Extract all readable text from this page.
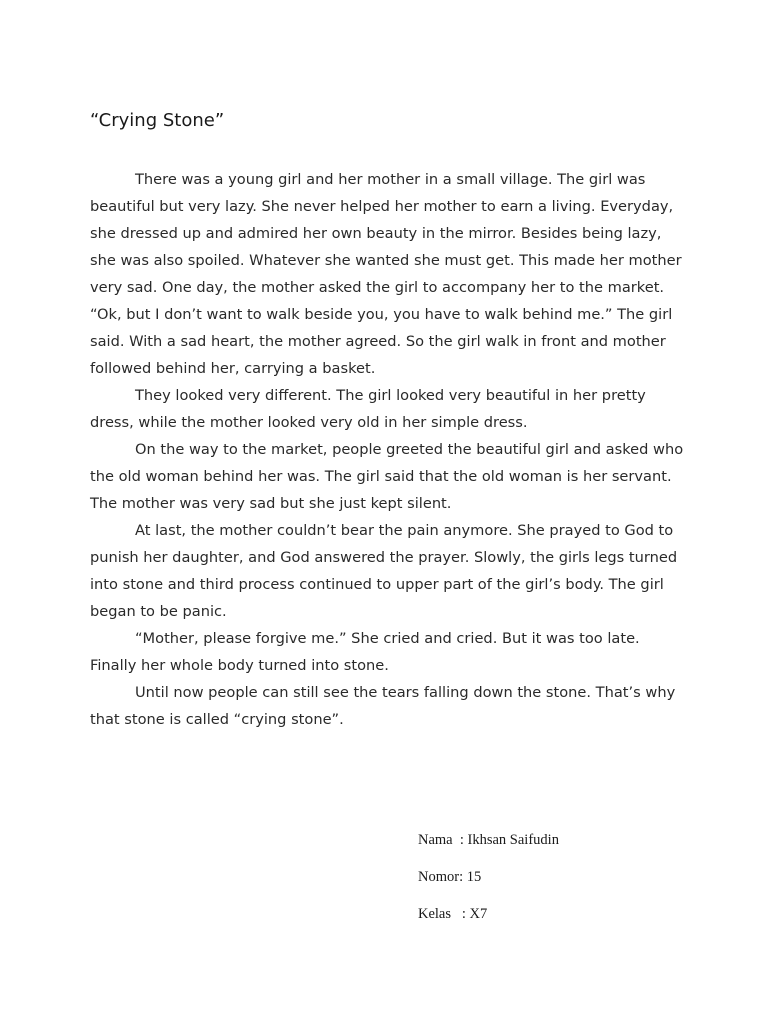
“Crying Stone”

There was a young girl and her mother in a small village. The girl was beautiful but very lazy. She never helped her mother to earn a living. Everyday, she dressed up and admired her own beauty in the mirror. Besides being lazy, she was also spoiled. Whatever she wanted she must get. This made her mother very sad. One day, the mother asked the girl to accompany her to the market. “Ok, but I don’t want to walk beside you, you have to walk behind me.” The girl said. With a sad heart, the mother agreed. So the girl walk in front and mother followed behind her, carrying a basket.

They looked very different. The girl looked very beautiful in her pretty dress, while the mother looked very old in her simple dress.

On the way to the market, people greeted the beautiful girl and asked who the old woman behind her was. The girl said that the old woman is her servant. The mother was very sad but she just kept silent.

At last, the mother couldn’t bear the pain anymore. She prayed to God to punish her daughter, and God answered the prayer. Slowly, the girls legs turned into stone and third process continued to upper part of the girl’s body. The girl began to be panic.

“Mother, please forgive me.” She cried and cried. But it was too late. Finally her whole body turned into stone.

Until now people can still see the tears falling down the stone. That’s why that stone is called “crying stone”.

Nama  : Ikhsan Saifudin
Nomor: 15
Kelas   : X7
